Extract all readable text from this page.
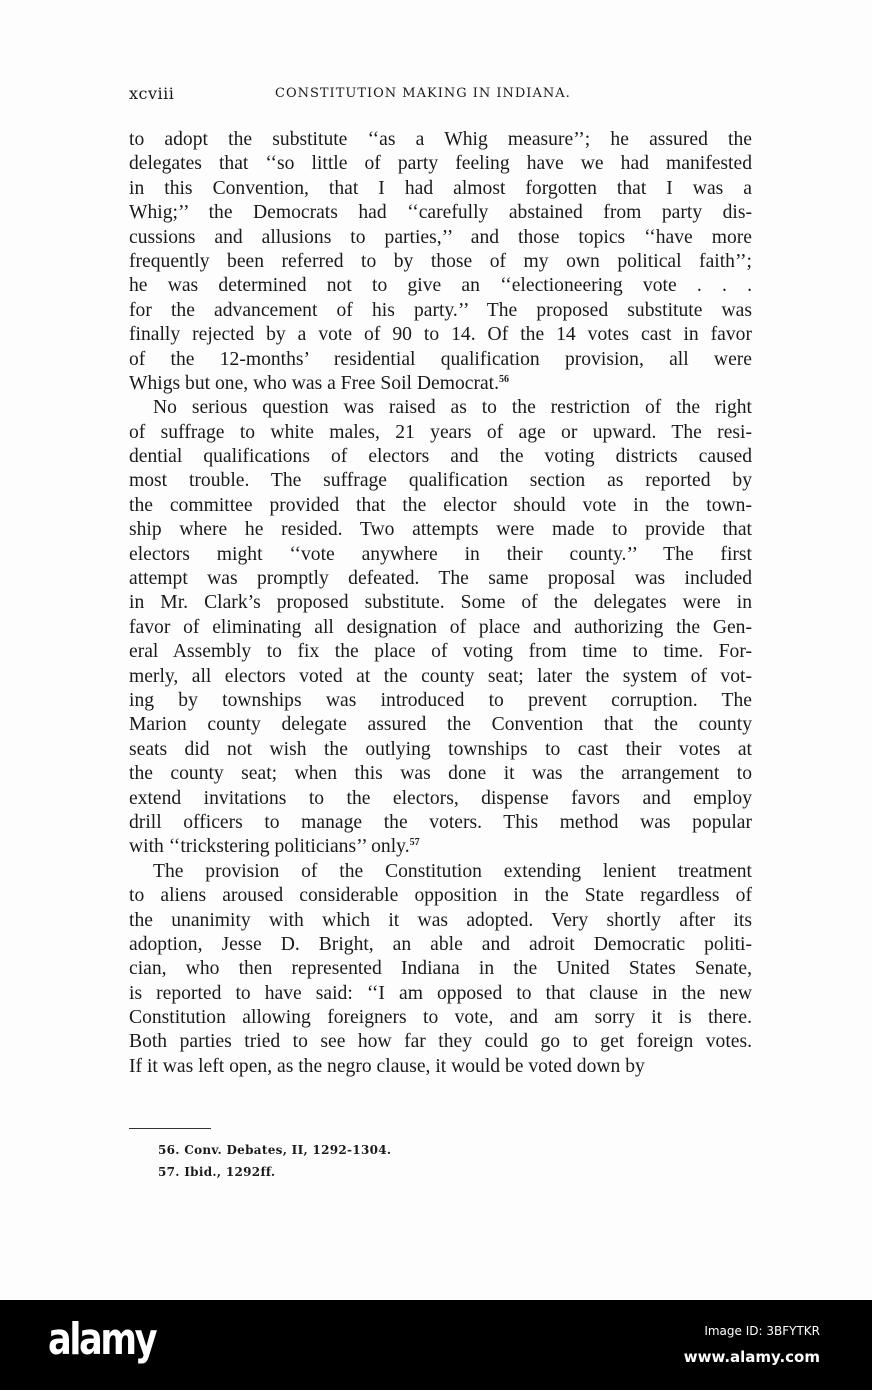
xcviii	CONSTITUTION MAKING IN INDIANA.
to adopt the substitute ‘‘as a Whig measure’’; he assured the
delegates that ‘‘so little of party feeling have we had manifested
in this Convention, that I had almost forgotten that I was a
Whig;’’ the Democrats had ‘‘carefully abstained from party dis-
cussions and allusions to parties,’’ and those topics ‘‘have more
frequently been referred to by those of my own political faith’’;
he was determined not to give an ‘‘electioneering vote . . .
for the advancement of his party.’’ The proposed substitute was
finally rejected by a vote of 90 to 14. Of the 14 votes cast in favor
of the 12-months’ residential qualification provision, all were
Whigs but one, who was a Free Soil Democrat.$^{56}$
No serious question was raised as to the restriction of the right
of suffrage to white males, 21 years of age or upward. The resi-
dential qualifications of electors and the voting districts caused
most trouble. The suffrage qualification section as reported by
the committee provided that the elector should vote in the town-
ship where he resided. Two attempts were made to provide that
electors might ‘‘vote anywhere in their county.’’ The first
attempt was promptly defeated. The same proposal was included
in Mr. Clark’s proposed substitute. Some of the delegates were in
favor of eliminating all designation of place and authorizing the Gen-
eral Assembly to fix the place of voting from time to time. For-
merly, all electors voted at the county seat; later the system of vot-
ing by townships was introduced to prevent corruption. The
Marion county delegate assured the Convention that the county
seats did not wish the outlying townships to cast their votes at
the county seat; when this was done it was the arrangement to
extend invitations to the electors, dispense favors and employ
drill officers to manage the voters. This method was popular
with ‘‘trickstering politicians’’ only.$^{57}$
The provision of the Constitution extending lenient treatment
to aliens aroused considerable opposition in the State regardless of
the unanimity with which it was adopted. Very shortly after its
adoption, Jesse D. Bright, an able and adroit Democratic politi-
cian, who then represented Indiana in the United States Senate,
is reported to have said: ‘‘I am opposed to that clause in the new
Constitution allowing foreigners to vote, and am sorry it is there.
Both parties tried to see how far they could go to get foreign votes.
If it was left open, as the negro clause, it would be voted down by
56. Conv. Debates, II, 1292-1304.
57. Ibid., 1292ff.
alamy	Image ID: 3BFYTKR
www.alamy.com
